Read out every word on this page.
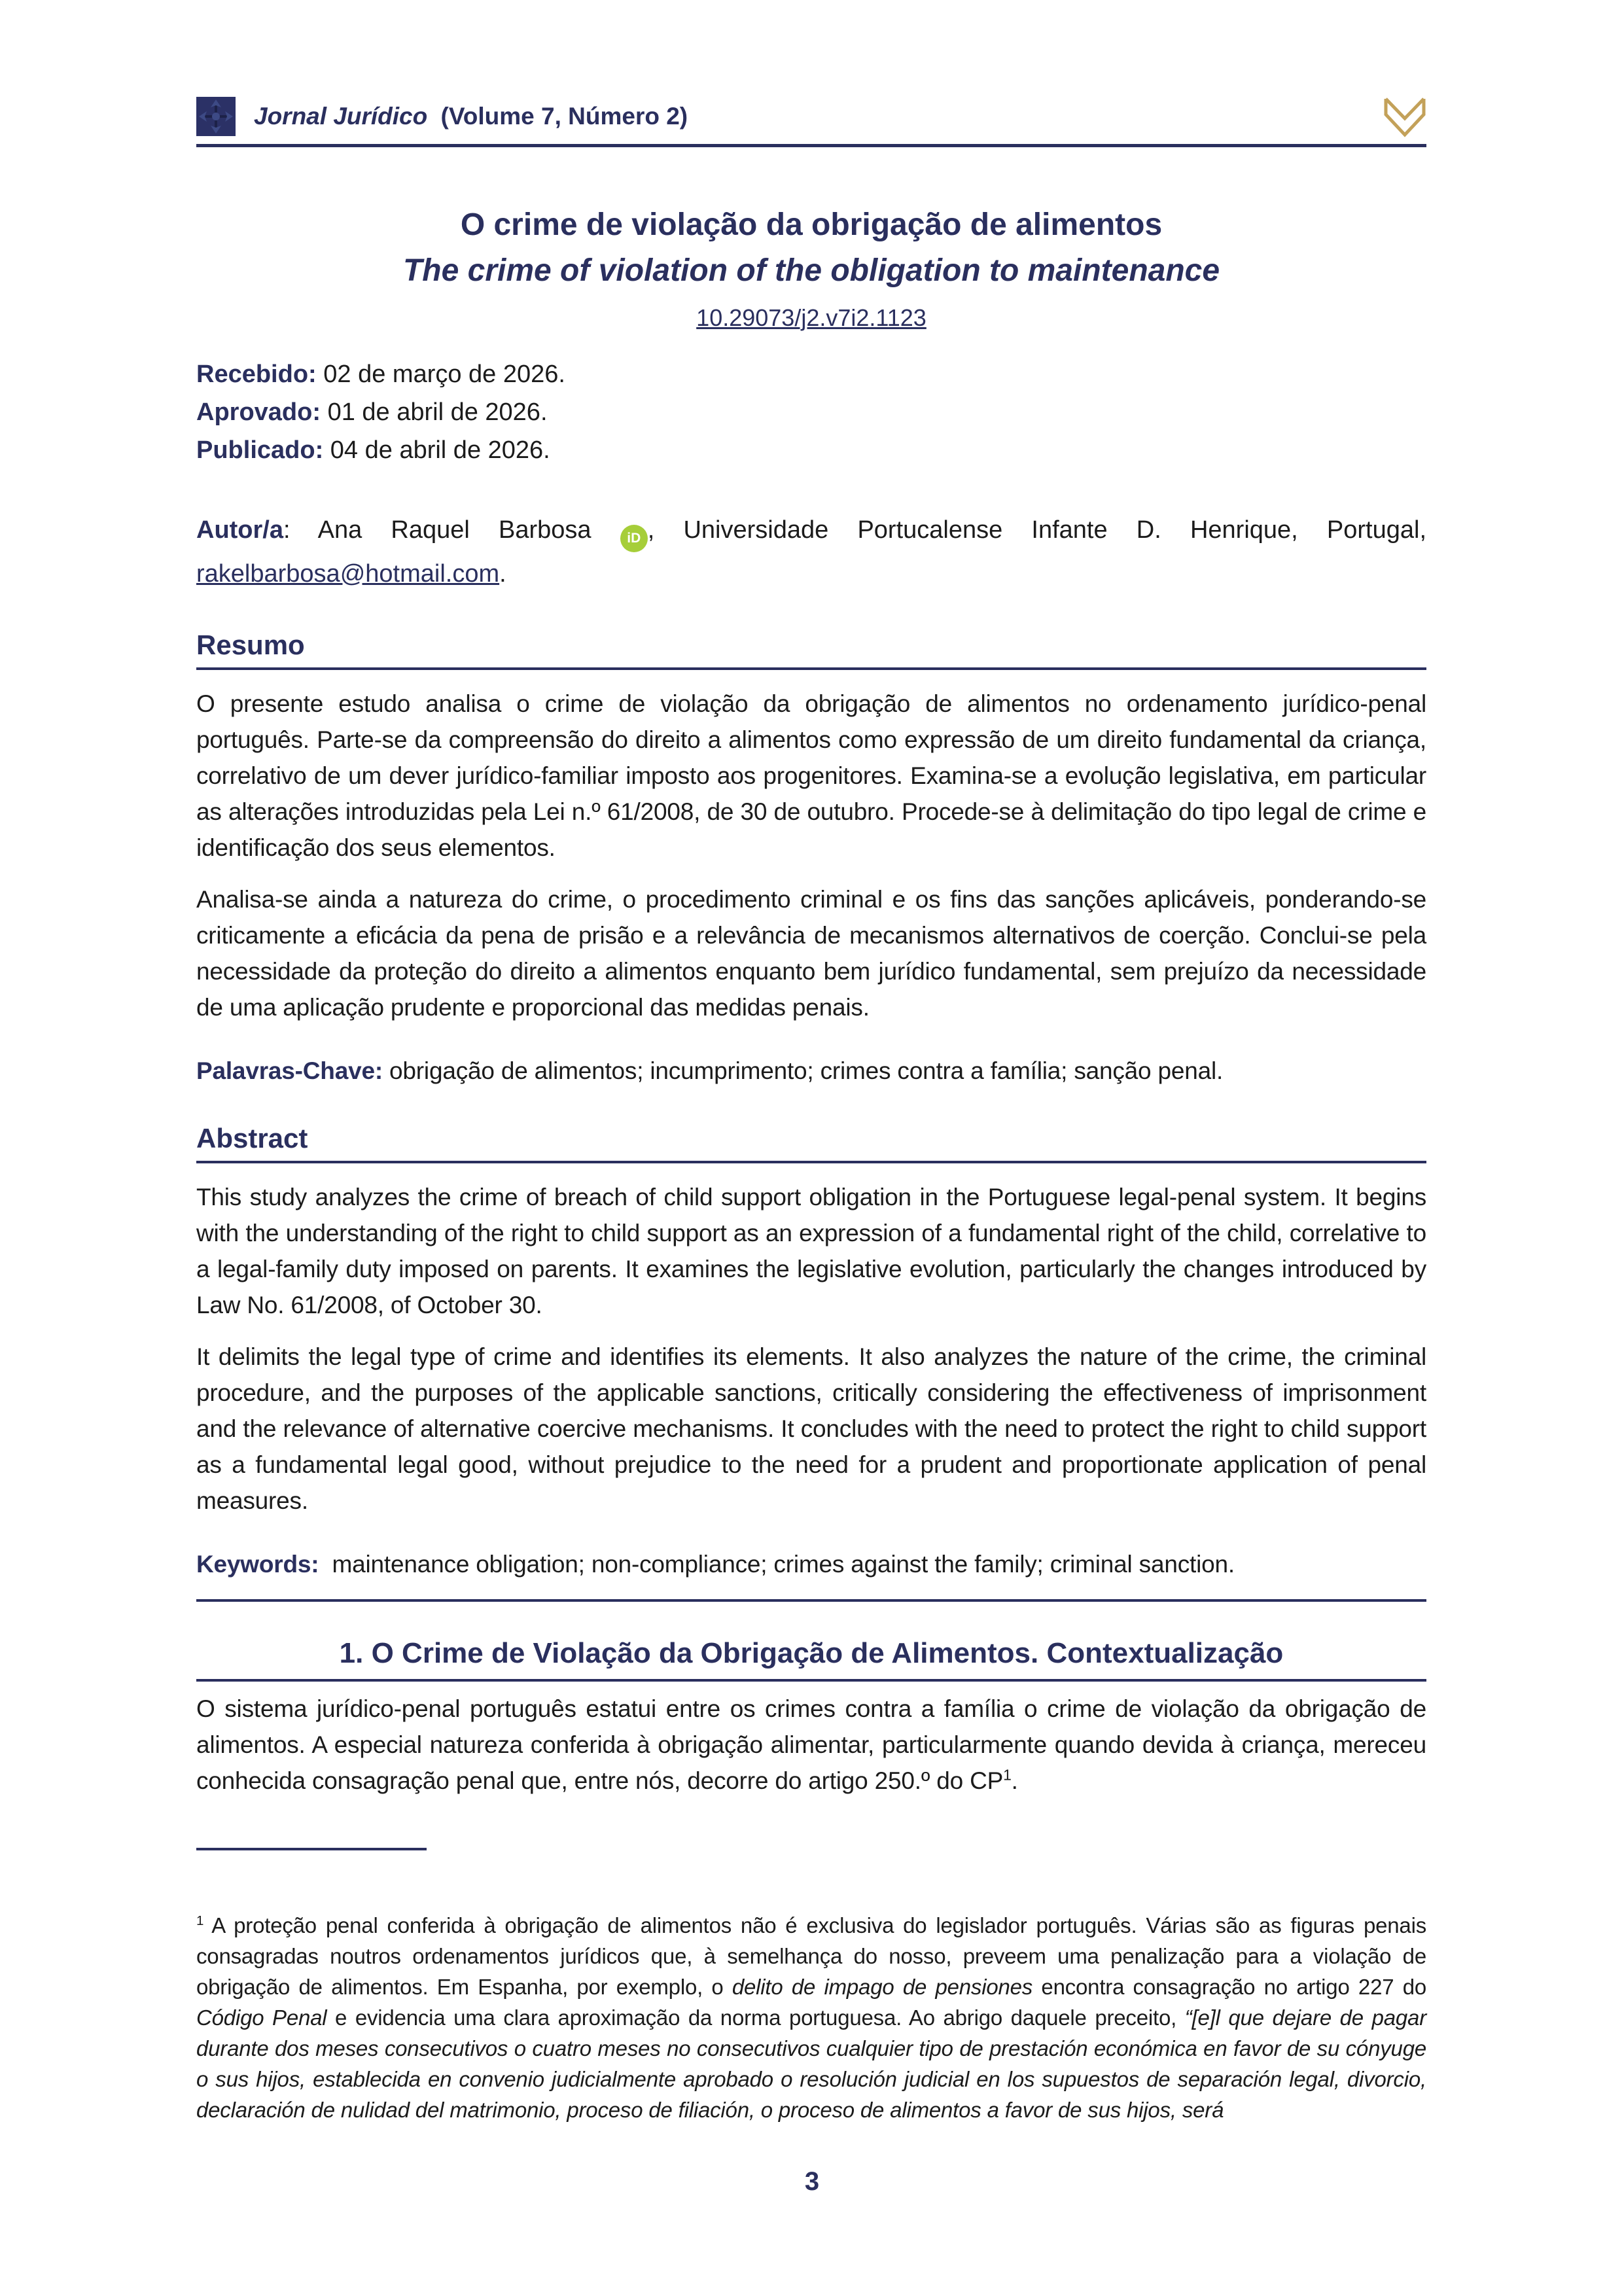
Jornal Jurídico (Volume 7, Número 2)
O crime de violação da obrigação de alimentos
The crime of violation of the obligation to maintenance
10.29073/j2.v7i2.1123

Recebido: 02 de março de 2026.

Aprovado: 01 de abril de 2026.

Publicado: 04 de abril de 2026.

Autor/a: Ana Raquel Barbosa	iD , Universidade Portucalense Infante D. Henrique, Portugal, rakelbarbosa@hotmail.com.

Resumo

O presente estudo analisa o crime de violação da obrigação de alimentos no ordenamento jurídico-penal português. Parte-se da compreensão do direito a alimentos como expressão de um direito fundamental da criança, correlativo de um dever jurídico-familiar imposto aos progenitores. Examina-se a evolução legislativa, em particular as alterações introduzidas pela Lei n.º 61/2008, de 30 de outubro. Procede-se à delimitação do tipo legal de crime e identificação dos seus elementos.

Analisa-se ainda a natureza do crime, o procedimento criminal e os fins das sanções aplicáveis, ponderando-se criticamente a eficácia da pena de prisão e a relevância de mecanismos alternativos de coerção. Conclui-se pela necessidade da proteção do direito a alimentos enquanto bem jurídico fundamental, sem prejuízo da necessidade de uma aplicação prudente e proporcional das medidas penais.

Palavras-Chave: obrigação de alimentos; incumprimento; crimes contra a família; sanção penal.

Abstract

This study analyzes the crime of breach of child support obligation in the Portuguese legal-penal system. It begins with the understanding of the right to child support as an expression of a fundamental right of the child, correlative to a legal-family duty imposed on parents. It examines the legislative evolution, particularly the changes introduced by Law No. 61/2008, of October 30.

It delimits the legal type of crime and identifies its elements. It also analyzes the nature of the crime, the criminal procedure, and the purposes of the applicable sanctions, critically considering the effectiveness of imprisonment and the relevance of alternative coercive mechanisms. It concludes with the need to protect the right to child support as a fundamental legal good, without prejudice to the need for a prudent and proportionate application of penal measures.

Keywords: maintenance obligation; non-compliance; crimes against the family; criminal sanction.

1. O Crime de Violação da Obrigação de Alimentos. Contextualização

O sistema jurídico-penal português estatui entre os crimes contra a família o crime de violação da obrigação de alimentos. A especial natureza conferida à obrigação alimentar, particularmente quando devida à criança, mereceu conhecida consagração penal que, entre nós, decorre do artigo 250.º do $CP^1$.

$^1$ A proteção penal conferida à obrigação de alimentos não é exclusiva do legislador português. Várias são as figuras penais consagradas noutros ordenamentos jurídicos que, à semelhança do nosso, preveem uma penalização para a violação de obrigação de alimentos. Em Espanha, por exemplo, o delito de impago de pensiones encontra consagração no artigo 227 do Código Penal e evidencia uma clara aproximação da norma portuguesa. Ao abrigo daquele preceito, “[e]l que dejare de pagar durante dos meses consecutivos o cuatro meses no consecutivos cualquier tipo de prestación económica en favor de su cónyuge o sus hijos, establecida en convenio judicialmente aprobado o resolución judicial en los supuestos de separación legal, divorcio, declaración de nulidad del matrimonio, proceso de filiación, o proceso de alimentos a favor de sus hijos, será

3
